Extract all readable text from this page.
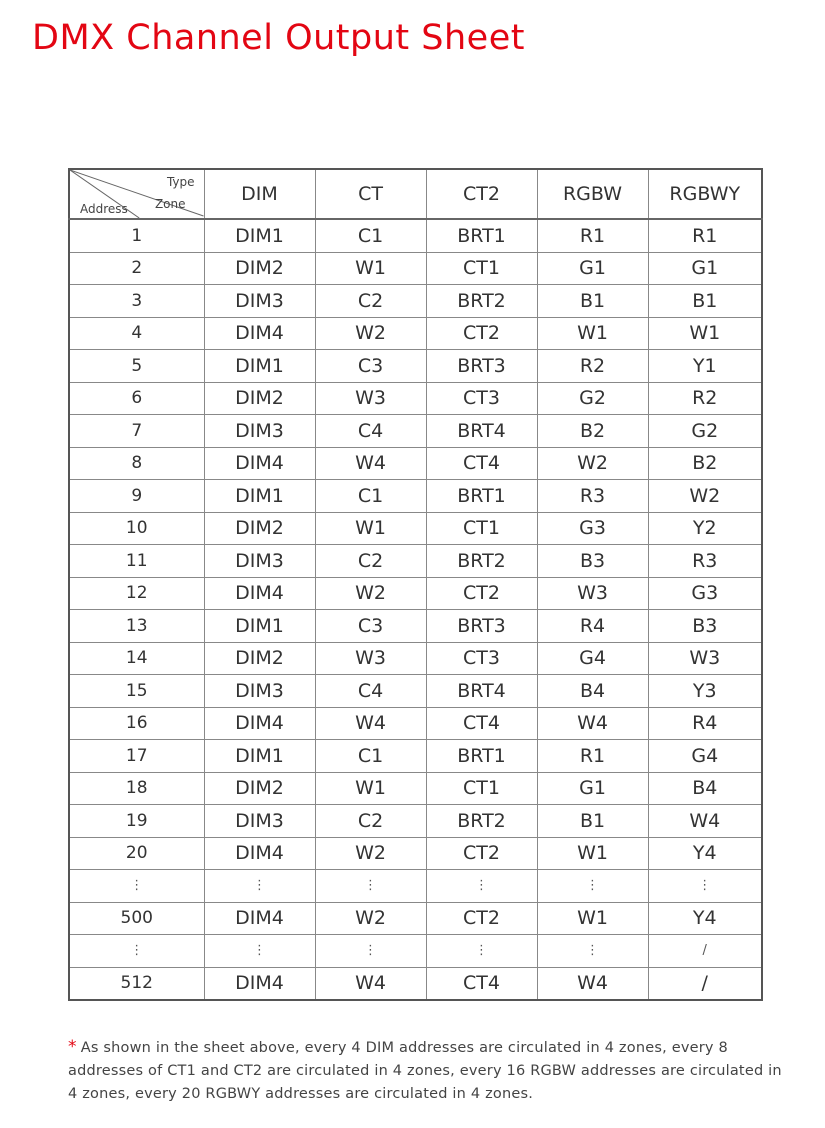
DMX Channel Output Sheet
Type
Zone
Address	DIM	CT	CT2	RGBW	RGBWY
1	DIM1	C1	BRT1	R1	R1
2	DIM2	W1	CT1	G1	G1
3	DIM3	C2	BRT2	B1	B1
4	DIM4	W2	CT2	W1	W1
5	DIM1	C3	BRT3	R2	Y1
6	DIM2	W3	CT3	G2	R2
7	DIM3	C4	BRT4	B2	G2
8	DIM4	W4	CT4	W2	B2
9	DIM1	C1	BRT1	R3	W2
10	DIM2	W1	CT1	G3	Y2
11	DIM3	C2	BRT2	B3	R3
12	DIM4	W2	CT2	W3	G3
13	DIM1	C3	BRT3	R4	B3
14	DIM2	W3	CT3	G4	W3
15	DIM3	C4	BRT4	B4	Y3
16	DIM4	W4	CT4	W4	R4
17	DIM1	C1	BRT1	R1	G4
18	DIM2	W1	CT1	G1	B4
19	DIM3	C2	BRT2	B1	W4
20	DIM4	W2	CT2	W1	Y4
⋮	⋮	⋮	⋮	⋮	⋮
500	DIM4	W2	CT2	W1	Y4
⋮	⋮	⋮	⋮	⋮	/
512	DIM4	W4	CT4	W4	/

* As shown in the sheet above, every 4 DIM addresses are circulated in 4 zones, every 8 addresses of CT1 and CT2 are circulated in 4 zones, every 16 RGBW addresses are circulated in 4 zones, every 20 RGBWY addresses are circulated in 4 zones.
